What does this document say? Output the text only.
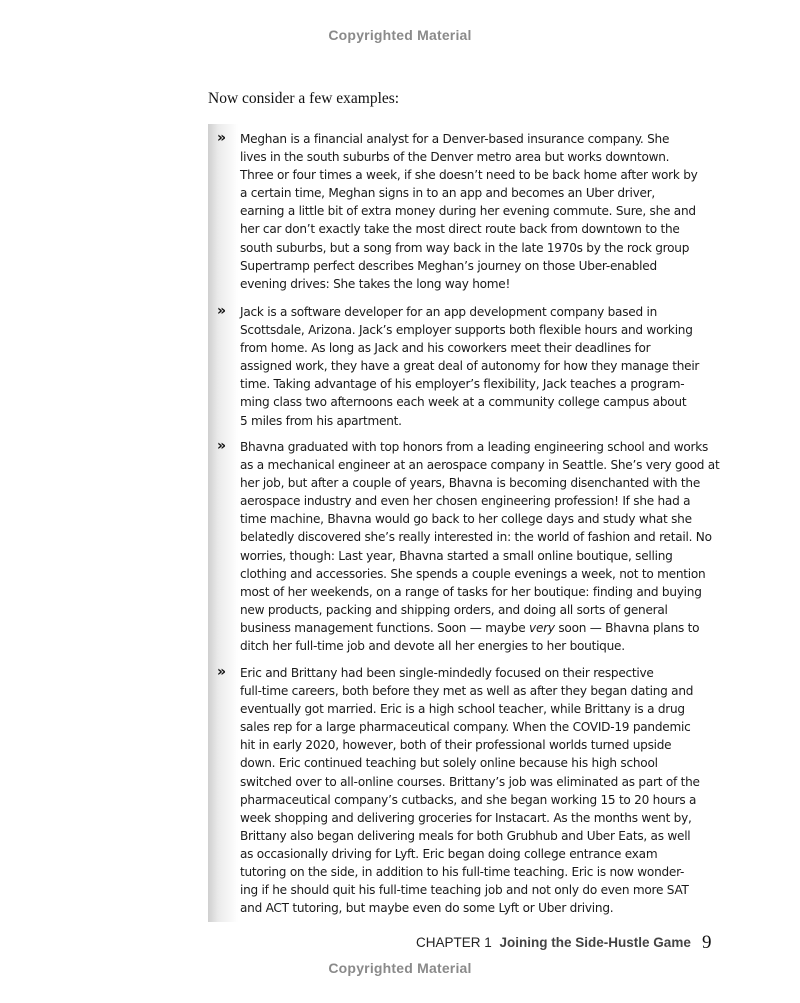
Copyrighted Material
Now consider a few examples:
»	Meghan is a financial analyst for a Denver-based insurance company. She
lives in the south suburbs of the Denver metro area but works downtown.
Three or four times a week, if she doesn’t need to be back home after work by
a certain time, Meghan signs in to an app and becomes an Uber driver,
earning a little bit of extra money during her evening commute. Sure, she and
her car don’t exactly take the most direct route back from downtown to the
south suburbs, but a song from way back in the late 1970s by the rock group
Supertramp perfect describes Meghan’s journey on those Uber-enabled
evening drives: She takes the long way home!
»	Jack is a software developer for an app development company based in
Scottsdale, Arizona. Jack’s employer supports both flexible hours and working
from home. As long as Jack and his coworkers meet their deadlines for
assigned work, they have a great deal of autonomy for how they manage their
time. Taking advantage of his employer’s flexibility, Jack teaches a program-
ming class two afternoons each week at a community college campus about
5 miles from his apartment.
»	Bhavna graduated with top honors from a leading engineering school and works
as a mechanical engineer at an aerospace company in Seattle. She’s very good at
her job, but after a couple of years, Bhavna is becoming disenchanted with the
aerospace industry and even her chosen engineering profession! If she had a
time machine, Bhavna would go back to her college days and study what she
belatedly discovered she’s really interested in: the world of fashion and retail. No
worries, though: Last year, Bhavna started a small online boutique, selling
clothing and accessories. She spends a couple evenings a week, not to mention
most of her weekends, on a range of tasks for her boutique: finding and buying
new products, packing and shipping orders, and doing all sorts of general
business management functions. Soon — maybe very soon — Bhavna plans to
ditch her full-time job and devote all her energies to her boutique.
»	Eric and Brittany had been single-mindedly focused on their respective
full-time careers, both before they met as well as after they began dating and
eventually got married. Eric is a high school teacher, while Brittany is a drug
sales rep for a large pharmaceutical company. When the COVID-19 pandemic
hit in early 2020, however, both of their professional worlds turned upside
down. Eric continued teaching but solely online because his high school
switched over to all-online courses. Brittany’s job was eliminated as part of the
pharmaceutical company’s cutbacks, and she began working 15 to 20 hours a
week shopping and delivering groceries for Instacart. As the months went by,
Brittany also began delivering meals for both Grubhub and Uber Eats, as well
as occasionally driving for Lyft. Eric began doing college entrance exam
tutoring on the side, in addition to his full-time teaching. Eric is now wonder-
ing if he should quit his full-time teaching job and not only do even more SAT
and ACT tutoring, but maybe even do some Lyft or Uber driving.
CHAPTER 1 Joining the Side-Hustle Game 9
Copyrighted Material
